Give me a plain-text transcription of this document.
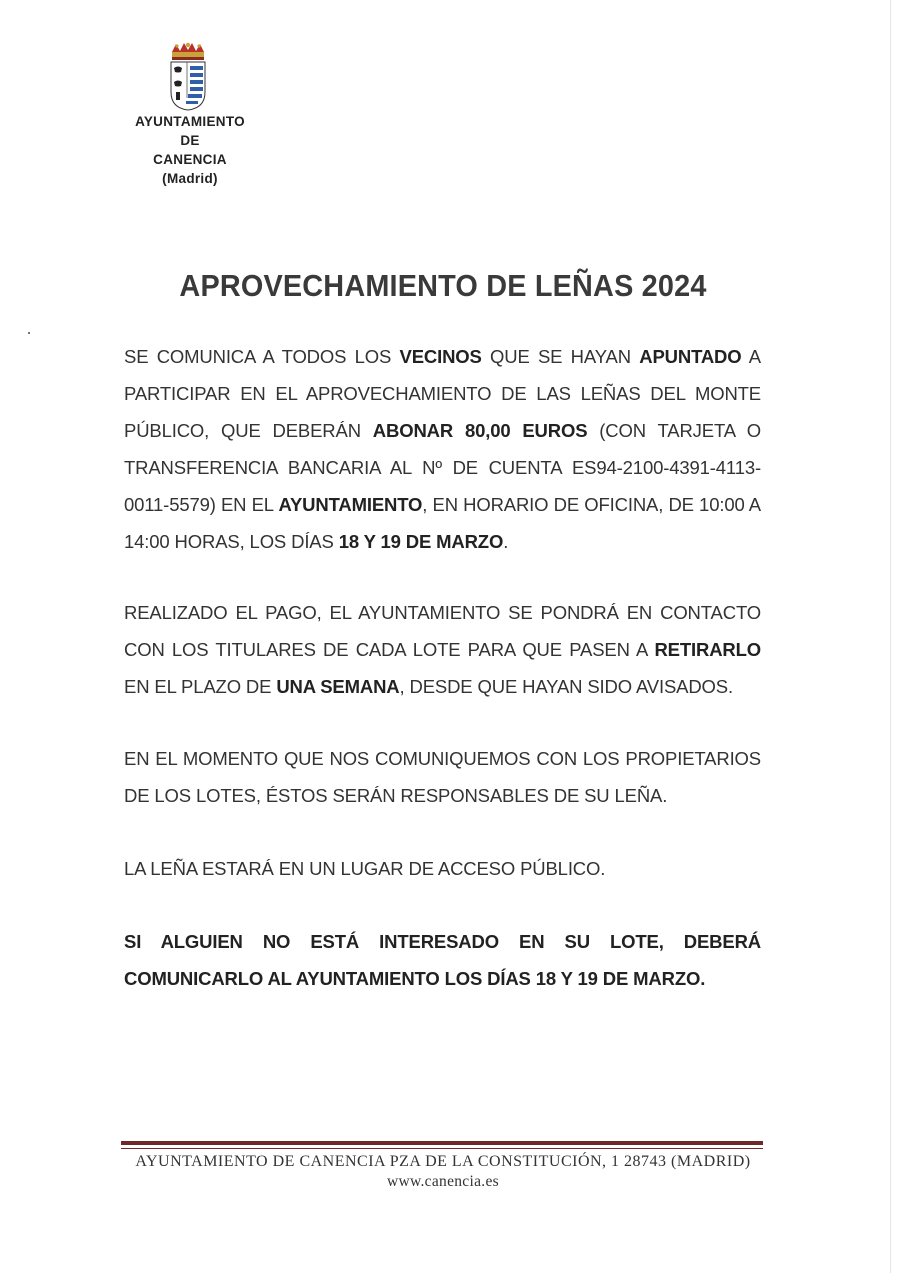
AYUNTAMIENTO
DE
CANENCIA
(Madrid)
APROVECHAMIENTO DE LEÑAS 2024
SE COMUNICA A TODOS LOS VECINOS QUE SE HAYAN APUNTADO A PARTICIPAR EN EL APROVECHAMIENTO DE LAS LEÑAS DEL MONTE PÚBLICO, QUE DEBERÁN ABONAR 80,00 EUROS (CON TARJETA O TRANSFERENCIA BANCARIA AL Nº DE CUENTA ES94-2100-4391-4113-0011-5579) EN EL AYUNTAMIENTO, EN HORARIO DE OFICINA, DE 10:00 A 14:00 HORAS, LOS DÍAS 18 Y 19 DE MARZO.
REALIZADO EL PAGO, EL AYUNTAMIENTO SE PONDRÁ EN CONTACTO CON LOS TITULARES DE CADA LOTE PARA QUE PASEN A RETIRARLO EN EL PLAZO DE UNA SEMANA, DESDE QUE HAYAN SIDO AVISADOS.
EN EL MOMENTO QUE NOS COMUNIQUEMOS CON LOS PROPIETARIOS DE LOS LOTES, ÉSTOS SERÁN RESPONSABLES DE SU LEÑA.
LA LEÑA ESTARÁ EN UN LUGAR DE ACCESO PÚBLICO.
SI ALGUIEN NO ESTÁ INTERESADO EN SU LOTE, DEBERÁ COMUNICARLO AL AYUNTAMIENTO LOS DÍAS 18 Y 19 DE MARZO.
AYUNTAMIENTO DE CANENCIA PZA DE LA CONSTITUCIÓN, 1 28743 (MADRID)
www.canencia.es
